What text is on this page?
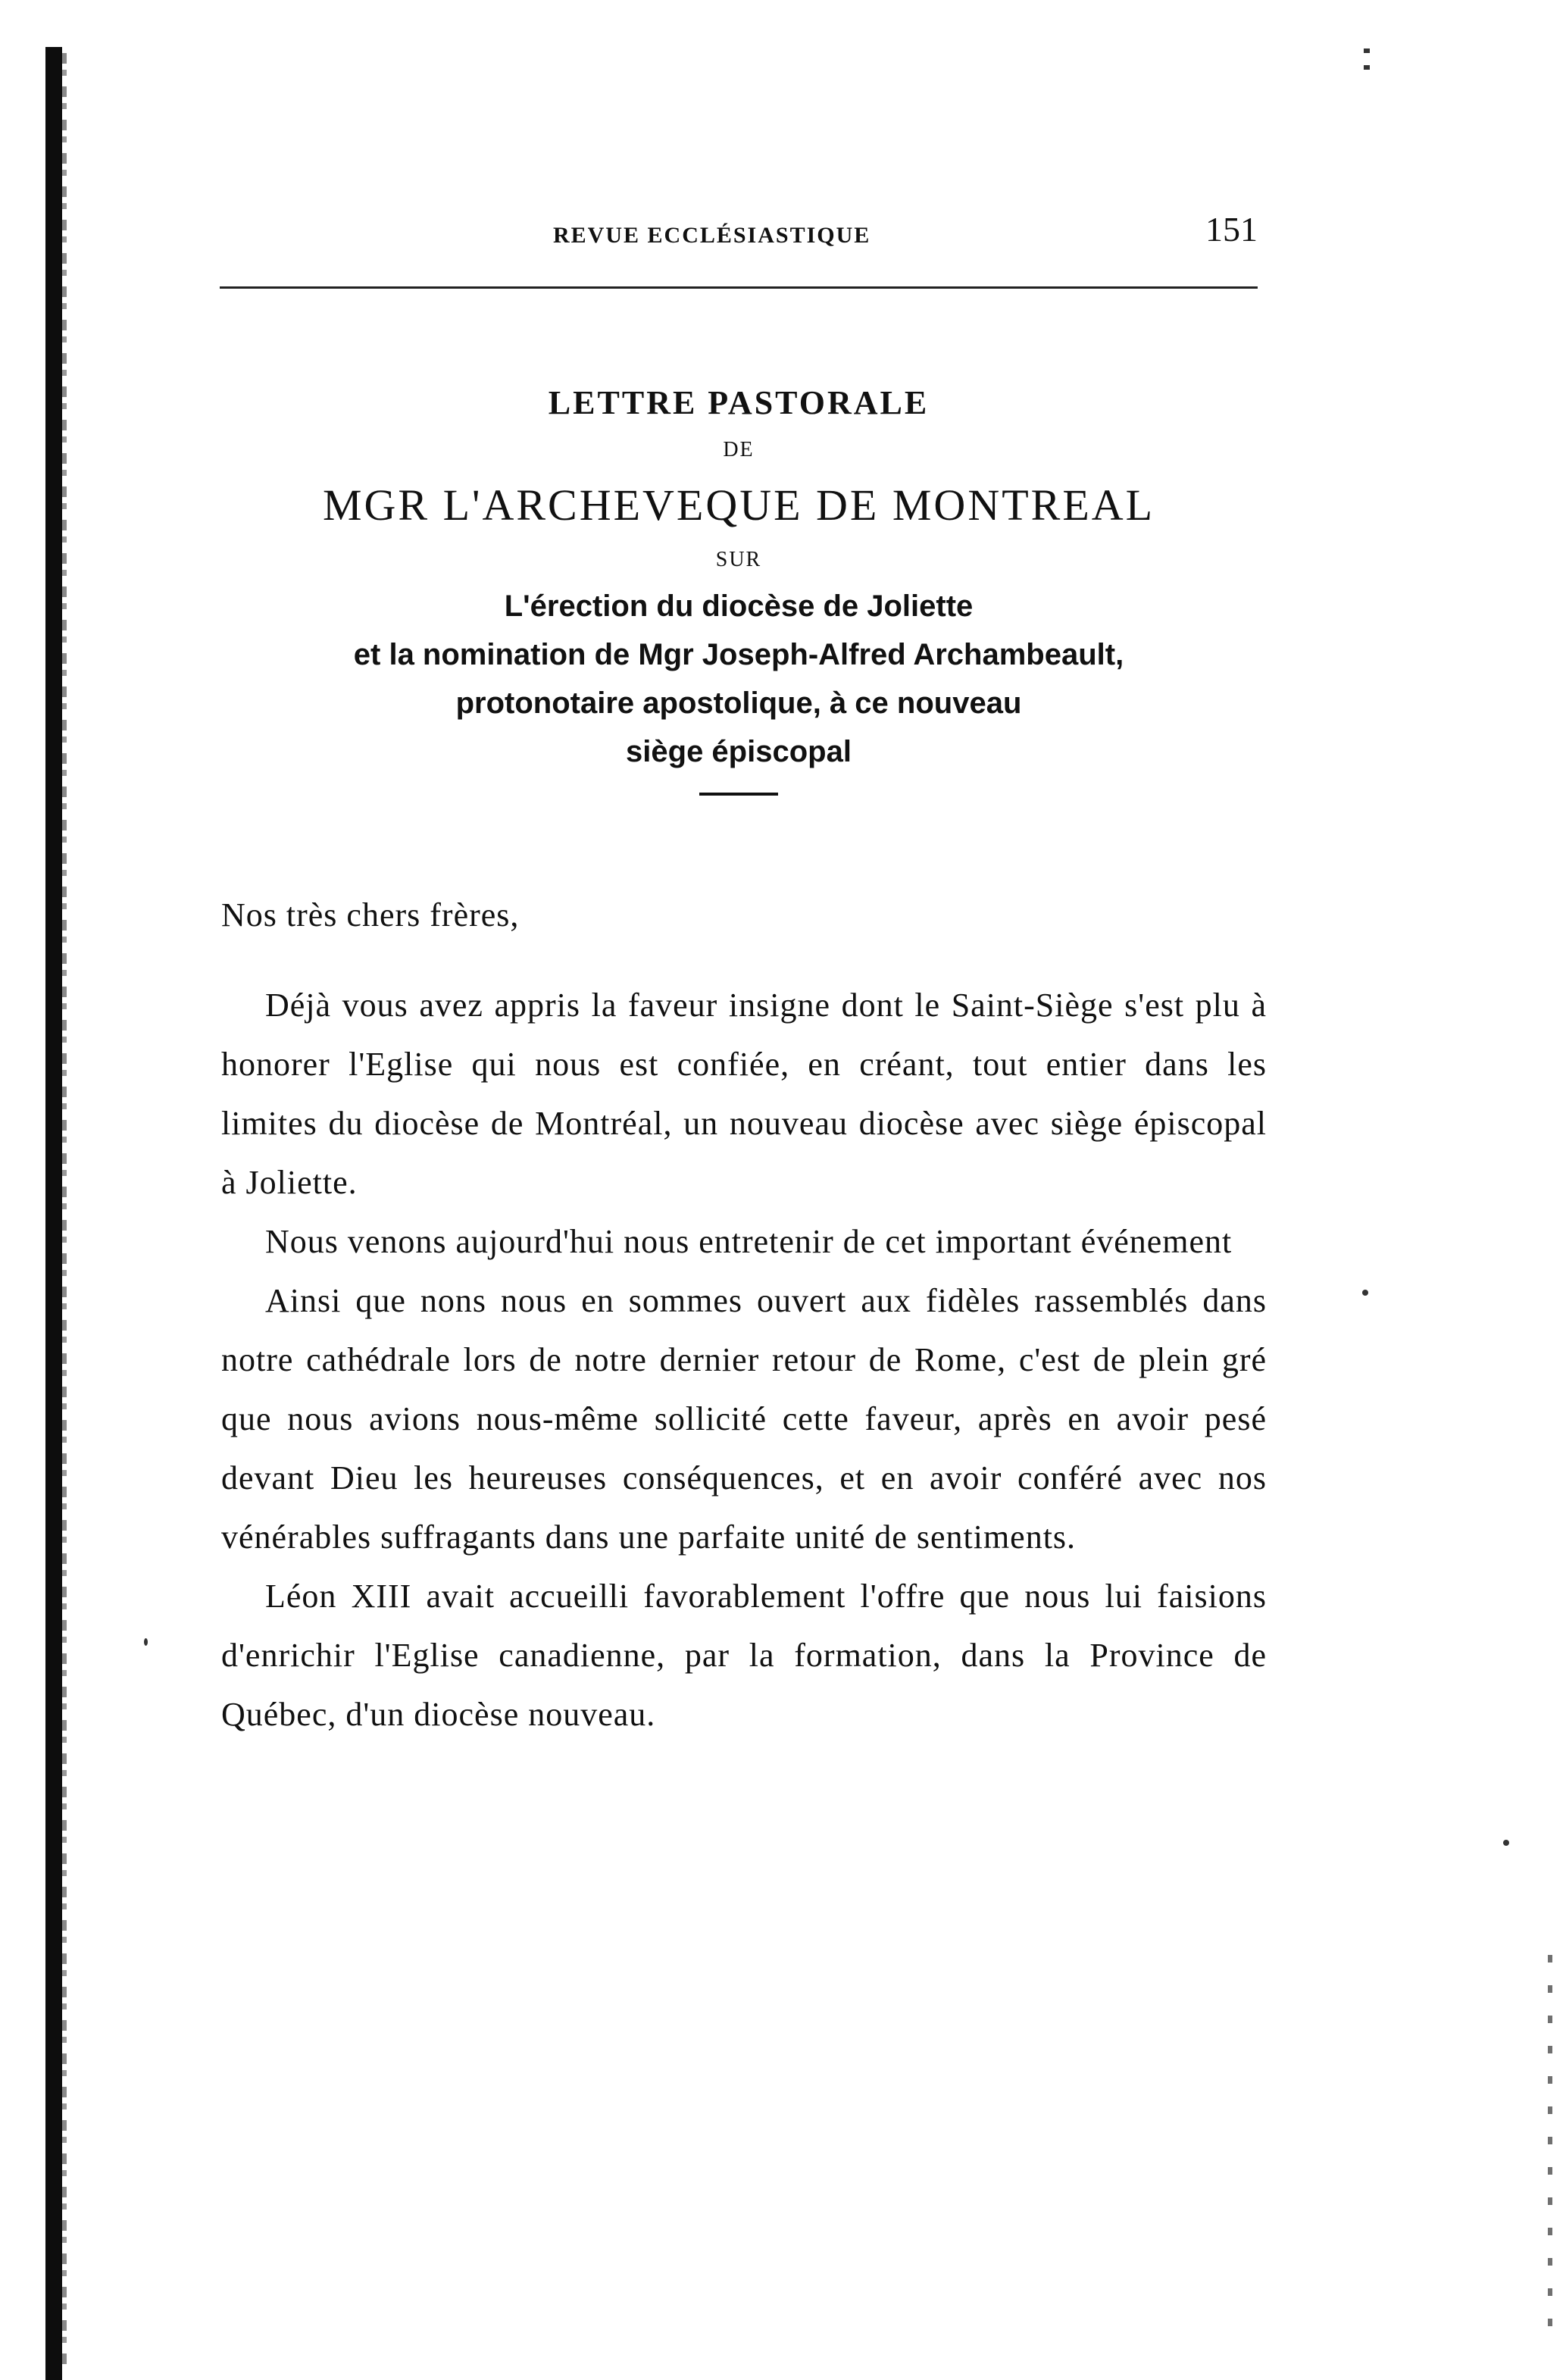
REVUE ECCLÉSIASTIQUE	151
LETTRE PASTORALE
DE
MGR L'ARCHEVEQUE DE MONTREAL
SUR
L'érection du diocèse de Joliette
et la nomination de Mgr Joseph-Alfred Archambeault,
protonotaire apostolique, à ce nouveau
siège épiscopal
Nos très chers frères,

Déjà vous avez appris la faveur insigne dont le Saint-Siège s'est plu à honorer l'Eglise qui nous est confiée, en créant, tout entier dans les limites du diocèse de Montréal, un nouveau diocèse avec siège épiscopal à Joliette.

Nous venons aujourd'hui nous entretenir de cet important événement

Ainsi que nons nous en sommes ouvert aux fidèles rassemblés dans notre cathédrale lors de notre dernier retour de Rome, c'est de plein gré que nous avions nous-même sollicité cette faveur, après en avoir pesé devant Dieu les heureuses conséquences, et en avoir conféré avec nos vénérables suffragants dans une parfaite unité de sentiments.

Léon XIII avait accueilli favorablement l'offre que nous lui faisions d'enrichir l'Eglise canadienne, par la formation, dans la Province de Québec, d'un diocèse nouveau.
